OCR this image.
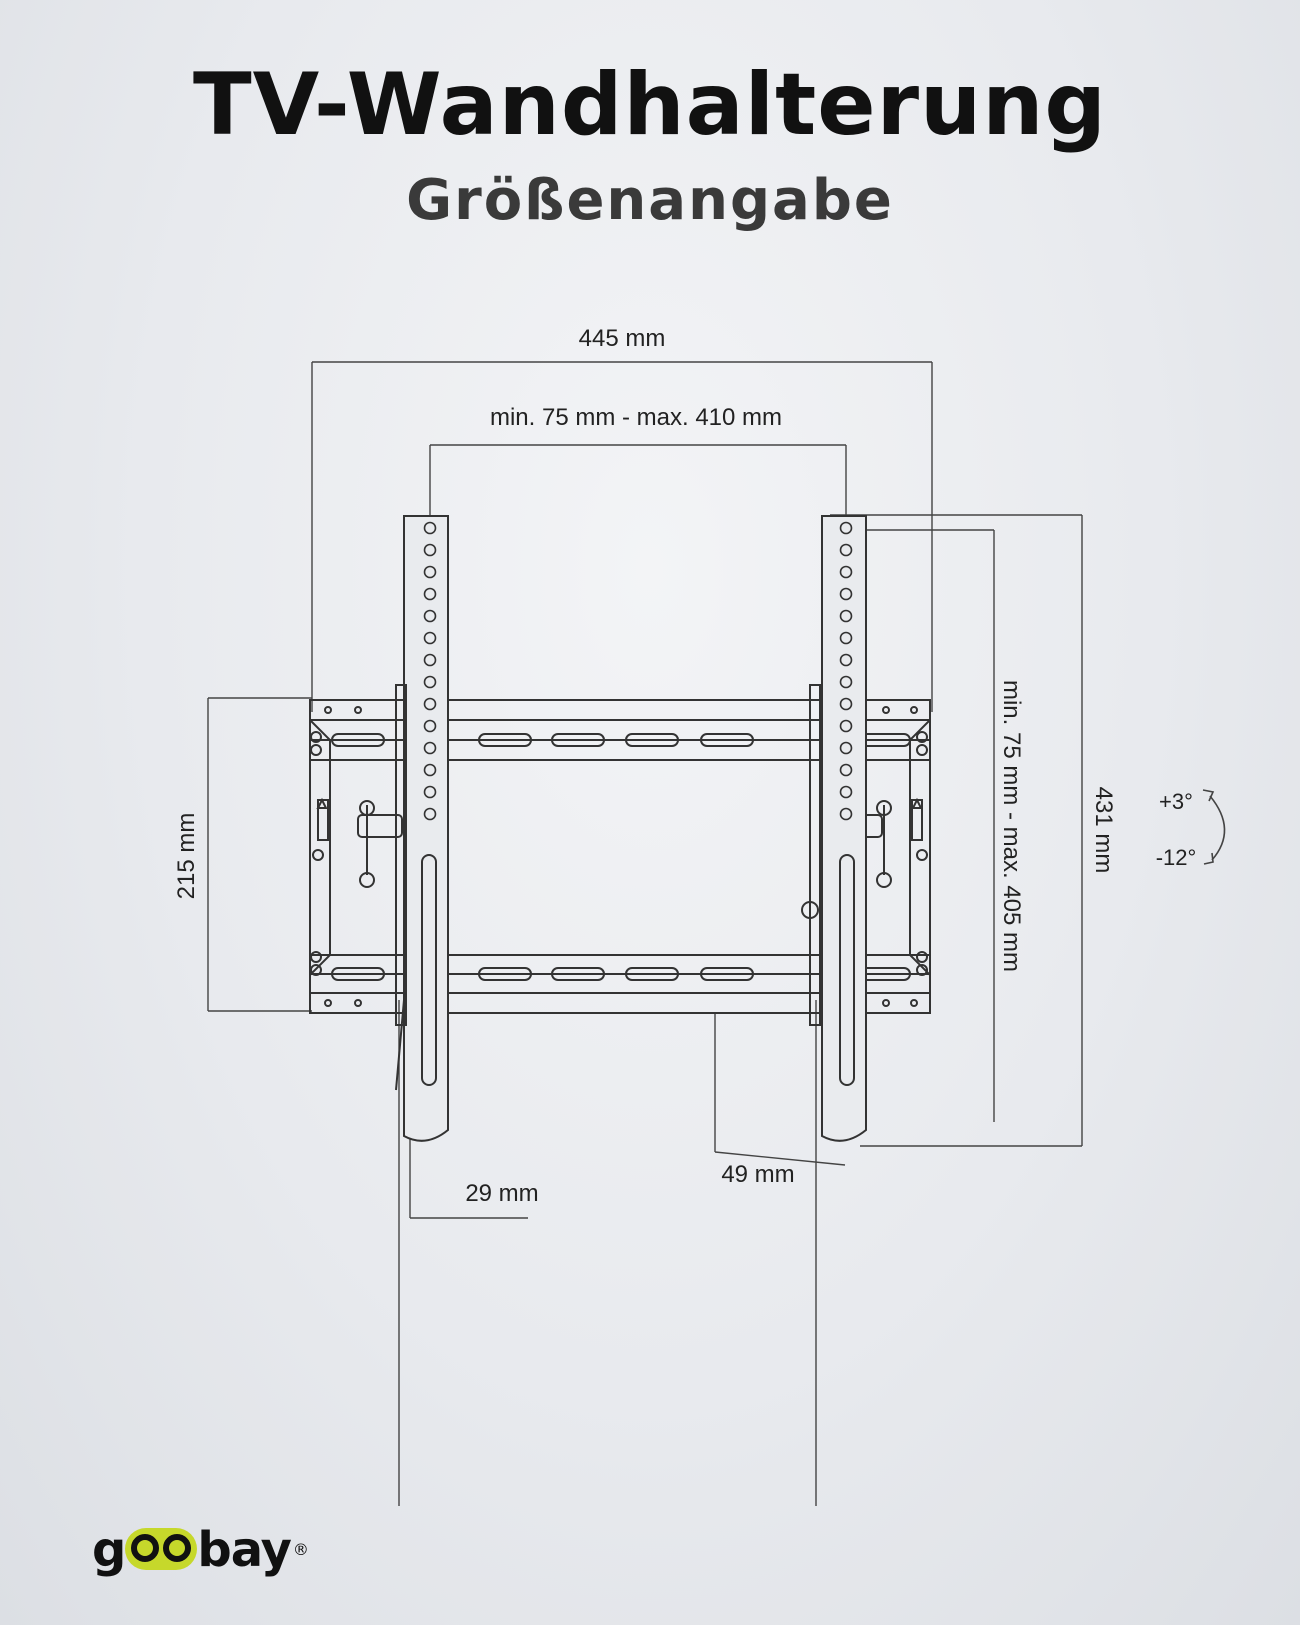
TV-Wandhalterung
Größenangabe
445 mm
min. 75 mm - max. 410 mm
min. 75 mm - max. 405 mm	431 mm
215 mm
29 mm
49 mm
+3°
-12°
g bay ®
